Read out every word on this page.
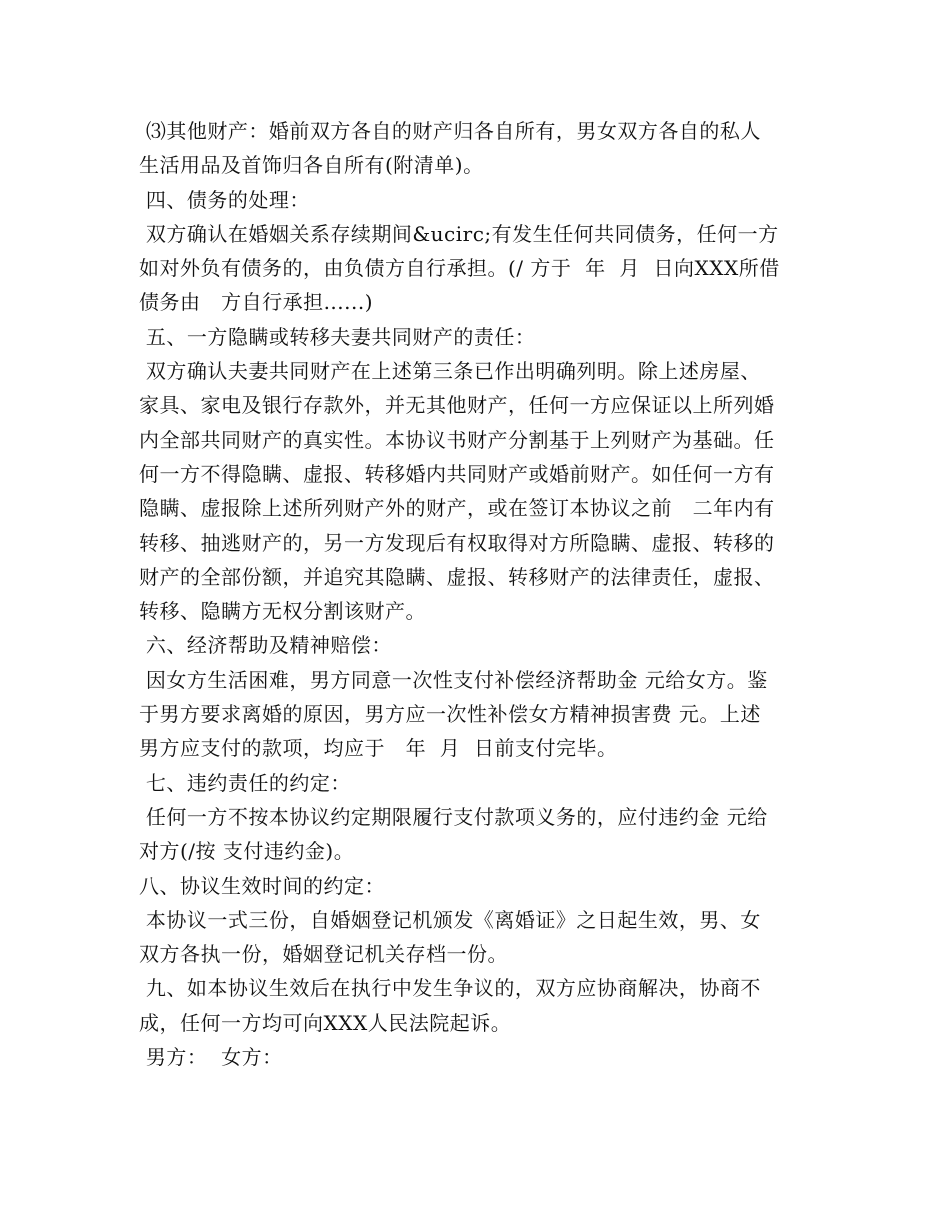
⑶其他财产：婚前双方各自的财产归各自所有，男女双方各自的私人
生活用品及首饰归各自所有(附清单)。
四、债务的处理：
双方确认在婚姻关系存续期间&ucirc;有发生任何共同债务，任何一方
如对外负有债务的，由负债方自行承担。(/ 方于  年  月  日向XXX所借
债务由   方自行承担......)
五、一方隐瞒或转移夫妻共同财产的责任：
双方确认夫妻共同财产在上述第三条已作出明确列明。除上述房屋、
家具、家电及银行存款外，并无其他财产，任何一方应保证以上所列婚
内全部共同财产的真实性。本协议书财产分割基于上列财产为基础。任
何一方不得隐瞒、虚报、转移婚内共同财产或婚前财产。如任何一方有
隐瞒、虚报除上述所列财产外的财产，或在签订本协议之前   二年内有
转移、抽逃财产的，另一方发现后有权取得对方所隐瞒、虚报、转移的
财产的全部份额，并追究其隐瞒、虚报、转移财产的法律责任，虚报、
转移、隐瞒方无权分割该财产。
六、经济帮助及精神赔偿：
因女方生活困难，男方同意一次性支付补偿经济帮助金 元给女方。鉴
于男方要求离婚的原因，男方应一次性补偿女方精神损害费 元。上述
男方应支付的款项，均应于   年  月  日前支付完毕。
七、违约责任的约定：
任何一方不按本协议约定期限履行支付款项义务的，应付违约金 元给
对方(/按 支付违约金)。
八、协议生效时间的约定：
本协议一式三份，自婚姻登记机颁发《离婚证》之日起生效，男、女
双方各执一份，婚姻登记机关存档一份。
九、如本协议生效后在执行中发生争议的，双方应协商解决，协商不
成，任何一方均可向XXX人民法院起诉。
男方：  女方：
